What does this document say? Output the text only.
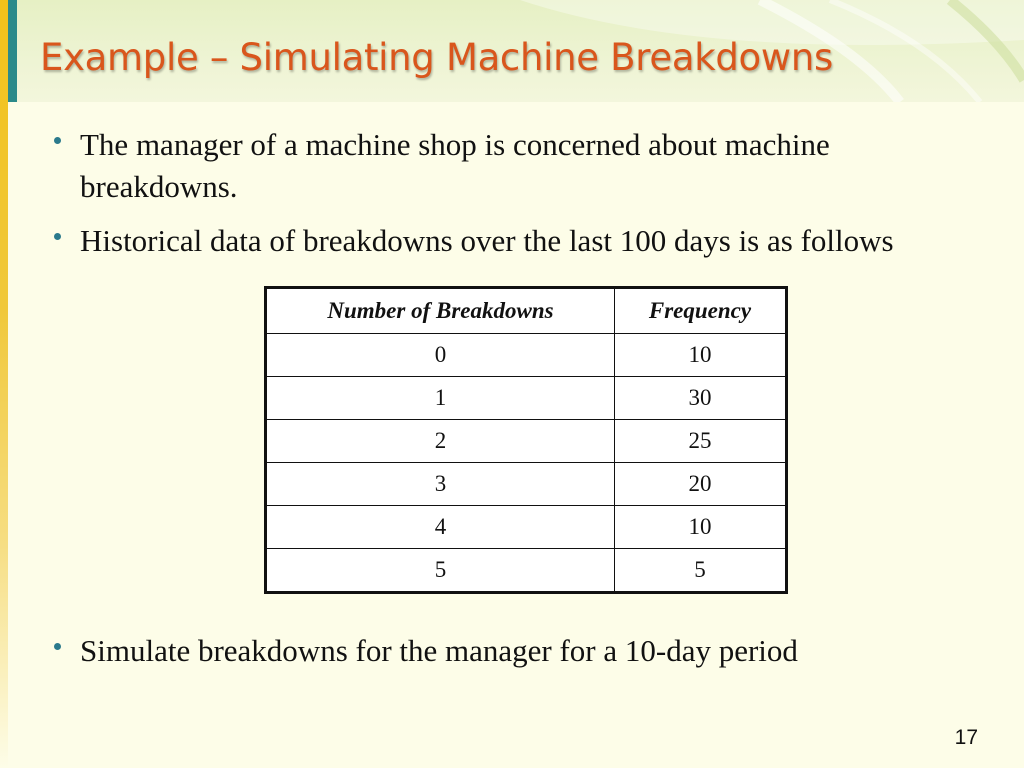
Example – Simulating Machine Breakdowns

The manager of a machine shop is concerned about machine breakdowns.

Historical data of breakdowns over the last 100 days is as follows

Number of Breakdowns	Frequency
0	10
1	30
2	25
3	20
4	10
5	5

Simulate breakdowns for the manager for a 10-day period

17
